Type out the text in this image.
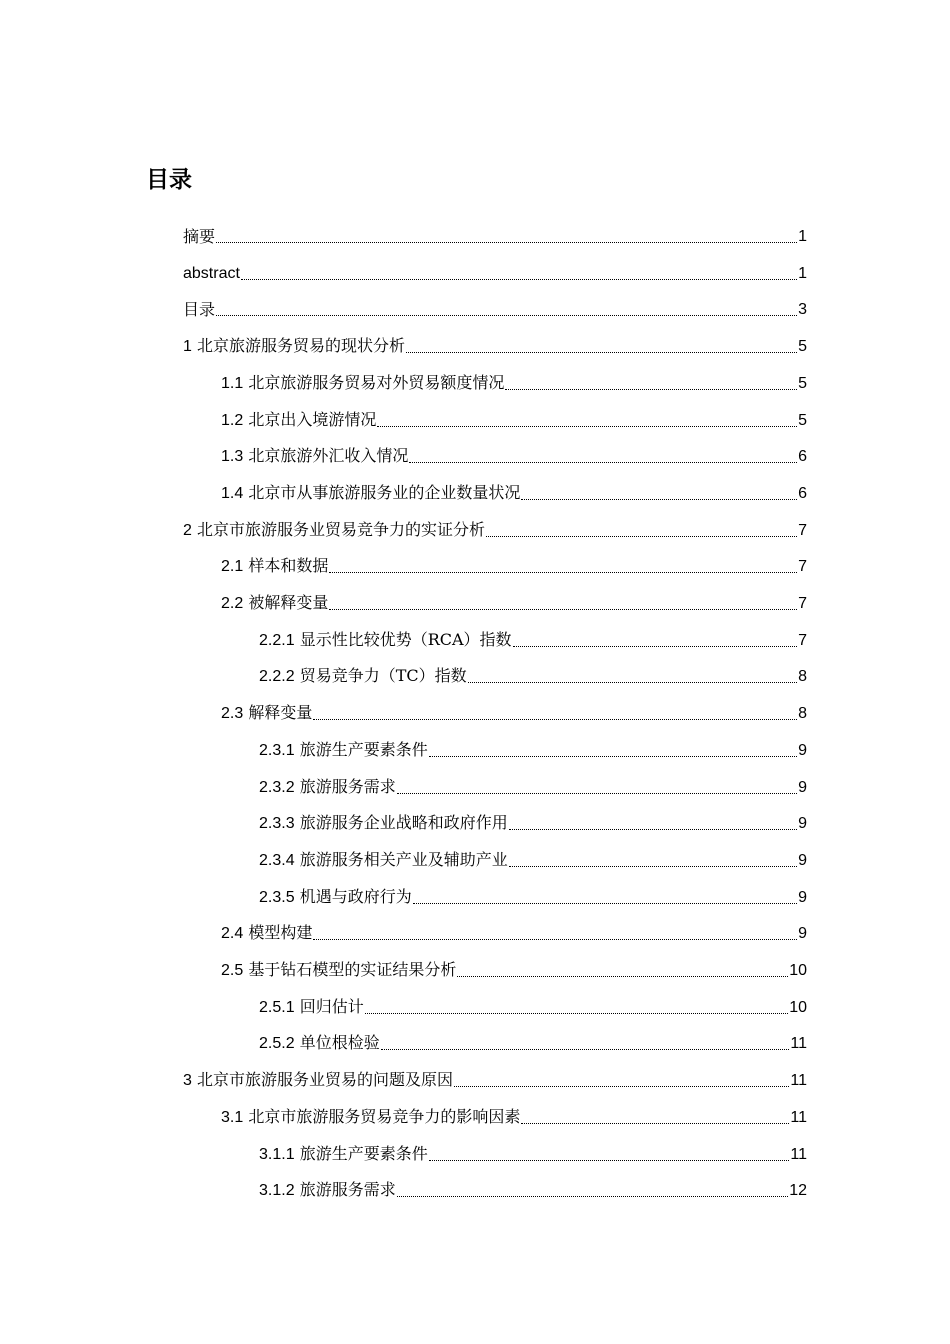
目录
摘要	1
abstract	1
目录	3
1 北京旅游服务贸易的现状分析	5
1.1 北京旅游服务贸易对外贸易额度情况	5
1.2 北京出入境游情况	5
1.3 北京旅游外汇收入情况	6
1.4 北京市从事旅游服务业的企业数量状况	6
2 北京市旅游服务业贸易竞争力的实证分析	7
2.1 样本和数据	7
2.2 被解释变量	7
2.2.1 显示性比较优势（RCA）指数	7
2.2.2 贸易竞争力（TC）指数	8
2.3 解释变量	8
2.3.1 旅游生产要素条件	9
2.3.2 旅游服务需求	9
2.3.3 旅游服务企业战略和政府作用	9
2.3.4 旅游服务相关产业及辅助产业	9
2.3.5 机遇与政府行为	9
2.4 模型构建	9
2.5 基于钻石模型的实证结果分析	10
2.5.1 回归估计	10
2.5.2 单位根检验	11
3 北京市旅游服务业贸易的问题及原因	11
3.1 北京市旅游服务贸易竞争力的影响因素	11
3.1.1 旅游生产要素条件	11
3.1.2 旅游服务需求	12
